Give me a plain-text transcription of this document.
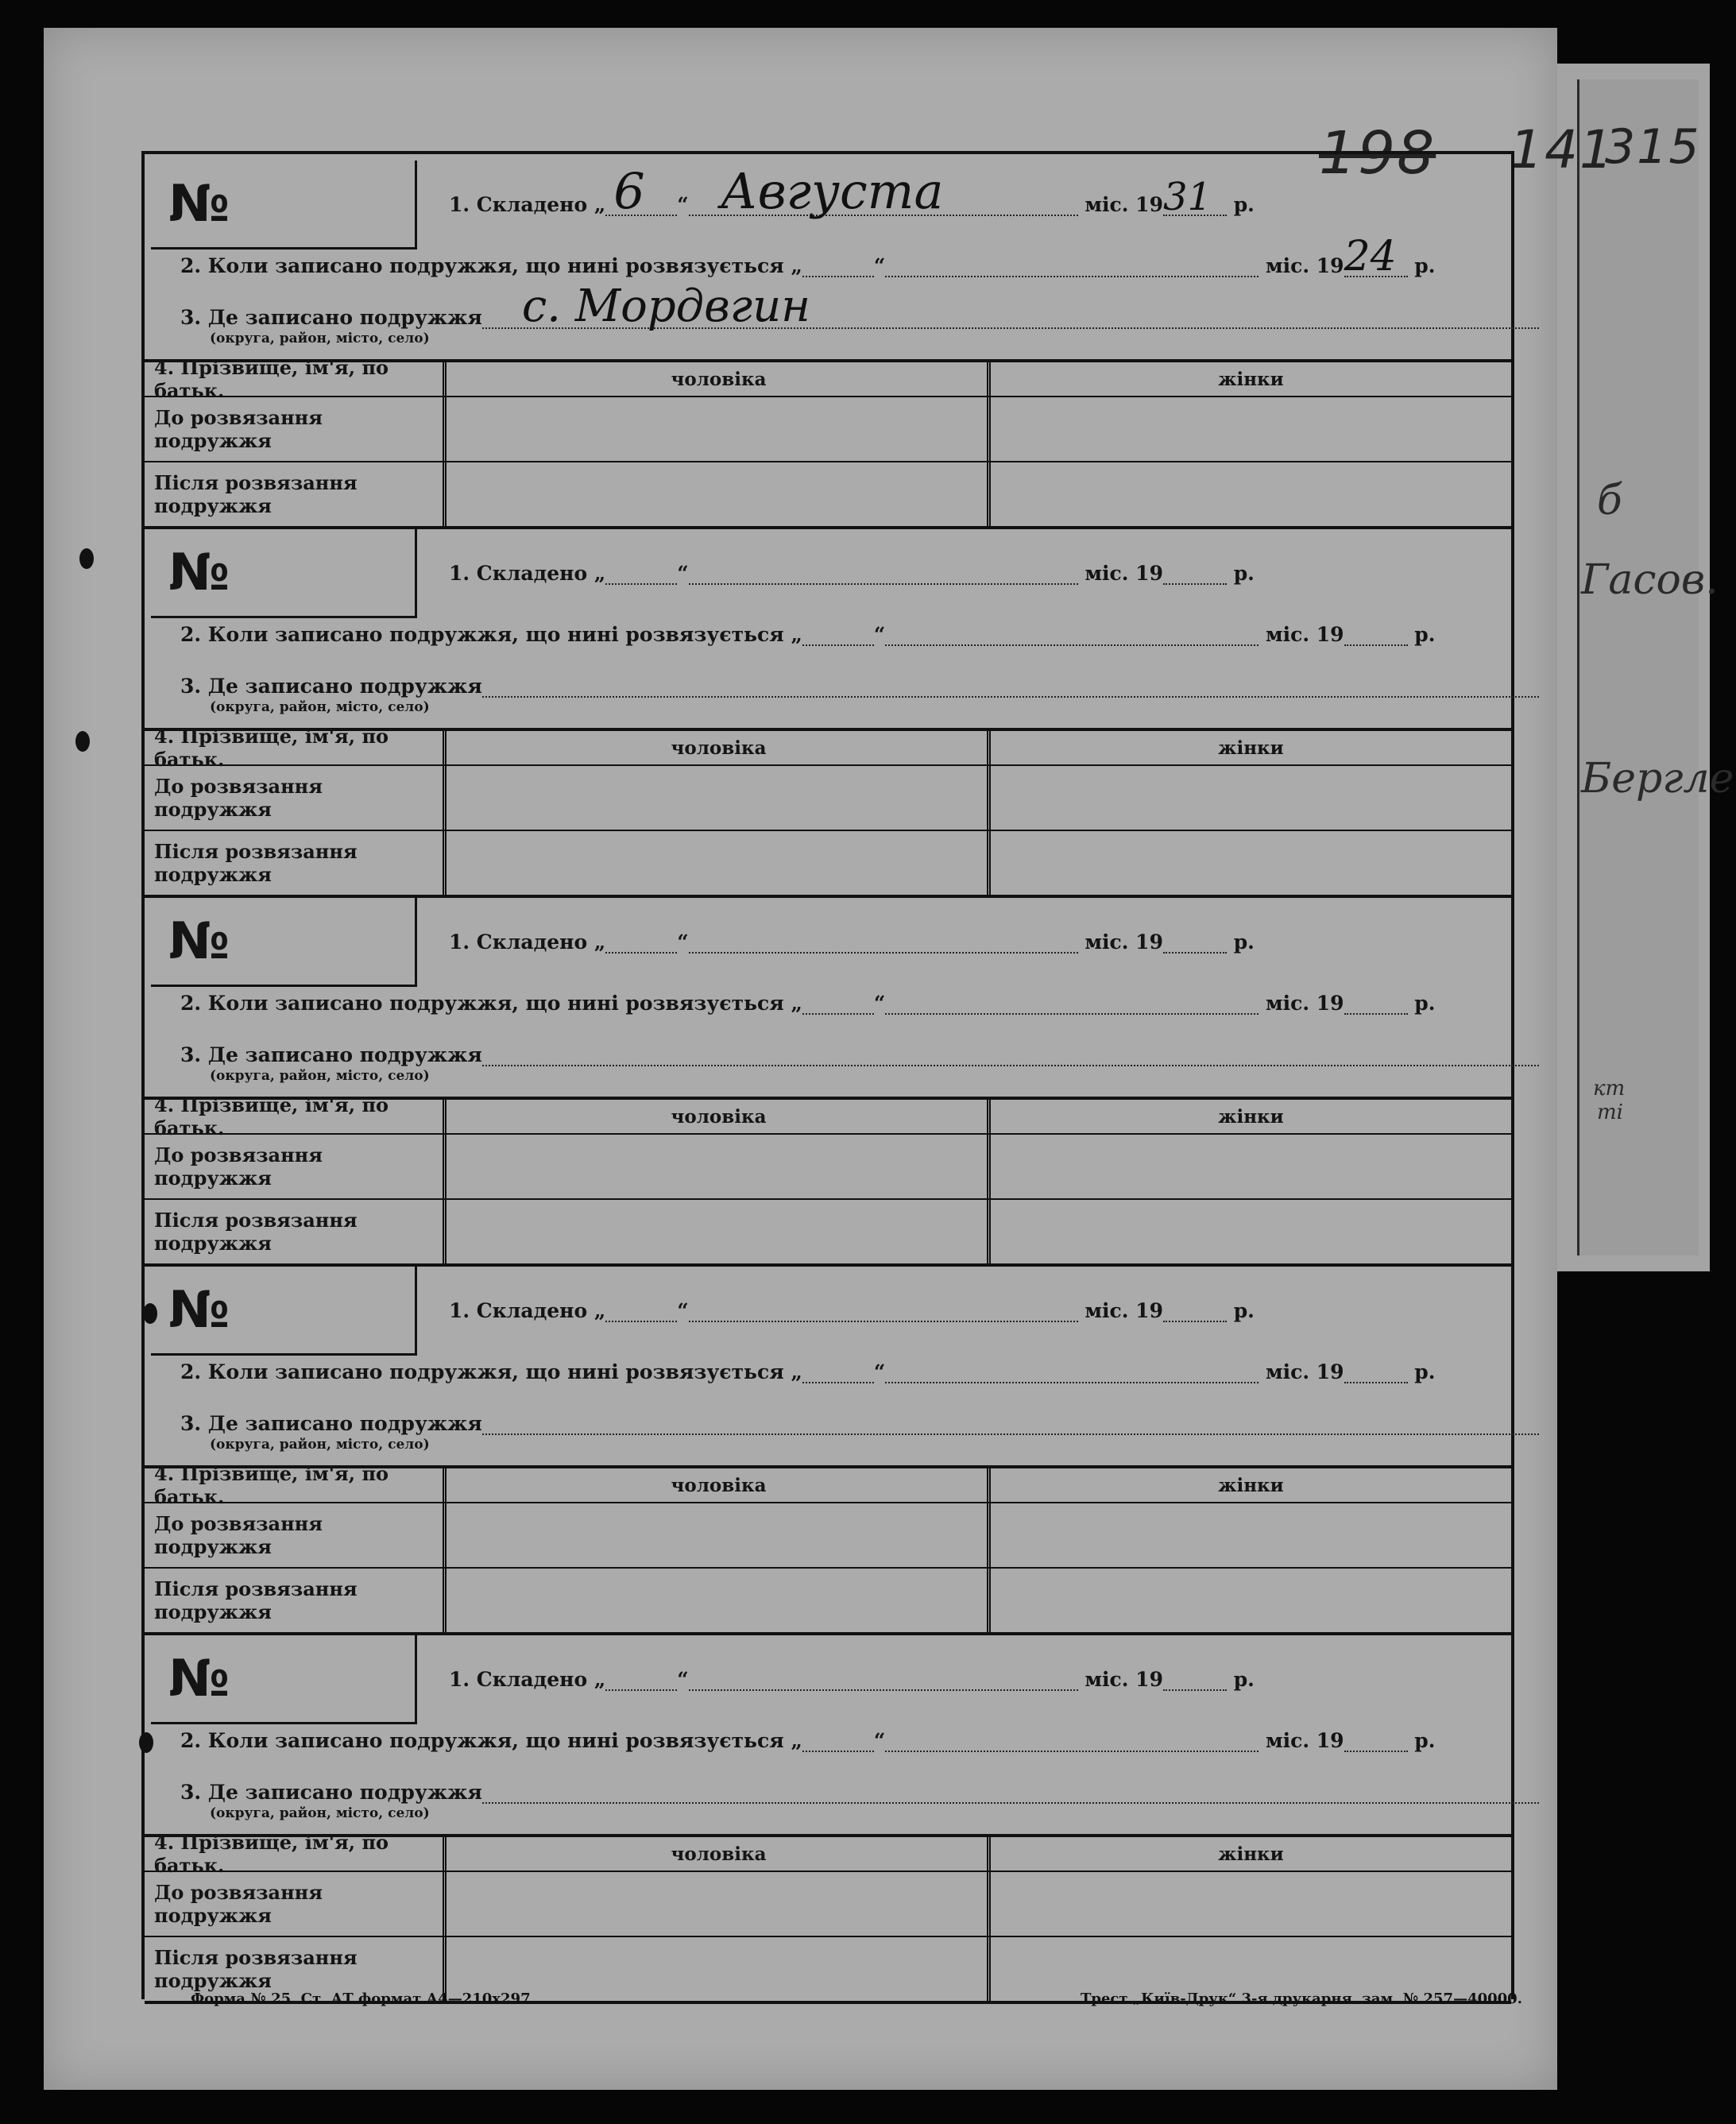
б
Гасов.
Бергле
кт
ті
198 141
315
№	1. Складено
„ 6 “ Августа
	міс. 19 31
р.
2. Коли записано подружжя, що нині розвязується
„	“
	міс. 19 24
р.
3. Де записано подружжя с. Мордвгин
(округа, район, місто, село)
4. Прізвище, ім'я, по батьк.	чоловіка	жінки
До розвязання подружжя
Після розвязання подружжя
№	1. Складено
„	“
	міс. 19
	р.
2. Коли записано подружжя, що нині розвязується
„	“
	міс. 19
	р.
3. Де записано подружжя
(округа, район, місто, село)
4. Прізвище, ім'я, по батьк.	чоловіка	жінки
До розвязання подружжя
Після розвязання подружжя
№	1. Складено
„	“
	міс. 19
	р.
2. Коли записано подружжя, що нині розвязується
„	“
	міс. 19
	р.
3. Де записано подружжя
(округа, район, місто, село)
4. Прізвище, ім'я, по батьк.	чоловіка	жінки
До розвязання подружжя
Після розвязання подружжя
№	1. Складено
„	“
	міс. 19
	р.
2. Коли записано подружжя, що нині розвязується
„	“
	міс. 19
	р.
3. Де записано подружжя
(округа, район, місто, село)
4. Прізвище, ім'я, по батьк.	чоловіка	жінки
До розвязання подружжя
Після розвязання подружжя
№	1. Складено
„	“
	міс. 19
	р.
2. Коли записано подружжя, що нині розвязується
„	“
	міс. 19
	р.
3. Де записано подружжя
(округа, район, місто, село)
4. Прізвище, ім'я, по батьк.	чоловіка	жінки
До розвязання подружжя
Після розвязання подружжя
Форма № 25. Ст. АТ формат А4—210х297.	Трест „Київ-Друк“ 3-я друкарня. зам. № 257—40000.
